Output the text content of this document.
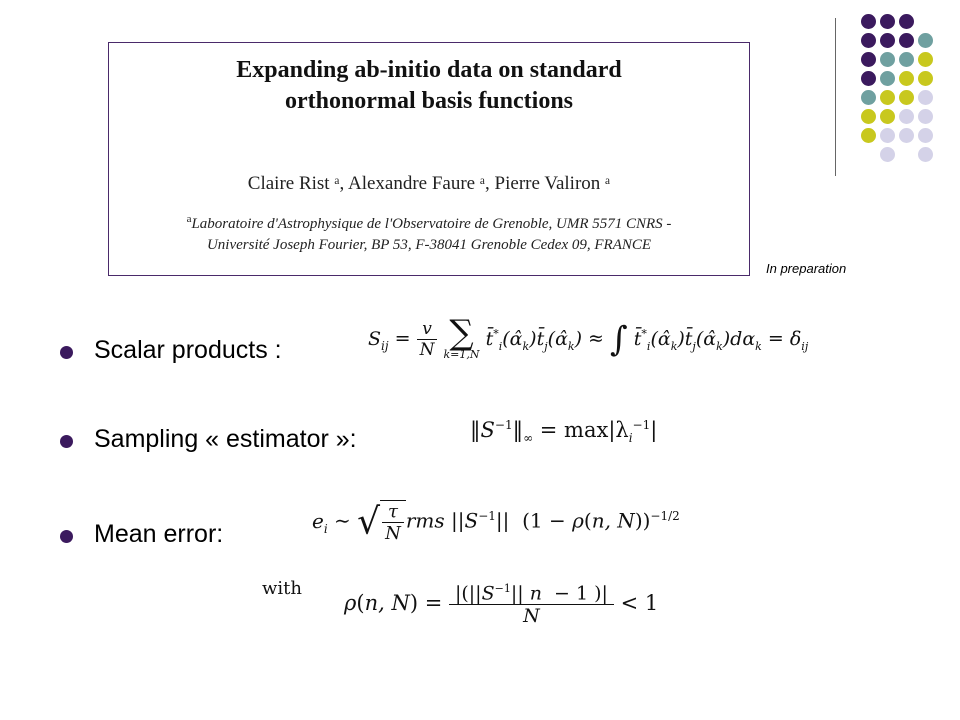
Expanding ab-initio data on standard
orthonormal basis functions
Claire Rist ᵃ, Alexandre Faure ᵃ, Pierre Valiron ᵃ
$^a$Laboratoire d'Astrophysique de l'Observatoire de Grenoble, UMR 5571 CNRS -
Université Joseph Fourier, BP 53, F-38041 Grenoble Cedex 09, FRANCE
In preparation
Scalar products :	$S_{ij} = \frac{v}{N}$
∑
k=1,N
$t̄^*_i(\alphâ_k)t̄_j(\alphâ_k)$ ≈ ∫ $t̄^*_i(\alphâ_k)t̄_j(\alphâ_k)d\alpha_k = \delta_{ij}$
Sampling « estimator »:	$‖S^{-1}‖_\infty = \max|\lambda_i^{-1}|$
Mean error:	$e_i$ ∼ √ $\frac{\tau}{N}$ rms $||S^{-1}||$  (1 − ρ(n, N))$^{-1/2}$
with
ρ(n, $N) = \frac{|(||S^{-1}|| n - 1 )|}{N} < 1$
